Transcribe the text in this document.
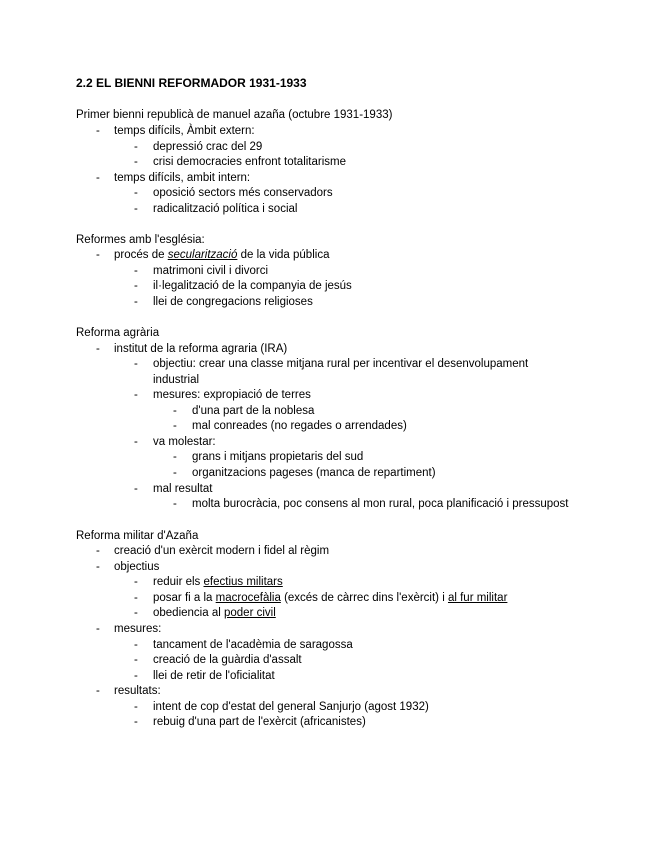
2.2 EL BIENNI REFORMADOR 1931-1933
Primer bienni republicà de manuel azaña (octubre 1931-1933)
- temps difícils, Àmbit extern:
- depressió crac del 29
- crisi democracies enfront totalitarisme
- temps difícils, ambit intern:
- oposició sectors més conservadors
- radicalització política i social
Reformes amb l'església:
- procés de secularització de la vida pública
- matrimoni civil i divorci
- il·legalització de la companyia de jesús
- llei de congregacions religioses
Reforma agrària
- institut de la reforma agraria (IRA)
- objectiu: crear una classe mitjana rural per incentivar el desenvolupament
industrial
- mesures: expropiació de terres
- d'una part de la noblesa
- mal conreades (no regades o arrendades)
- va molestar:
- grans i mitjans propietaris del sud
- organitzacions pageses (manca de repartiment)
- mal resultat
- molta burocràcia, poc consens al mon rural, poca planificació i pressupost
Reforma militar d'Azaña
- creació d'un exèrcit modern i fidel al règim
- objectius
- reduir els efectius militars
- posar fi a la macrocefàlia (excés de càrrec dins l'exèrcit) i al fur militar
- obediencia al poder civil
- mesures:
- tancament de l'acadèmia de saragossa
- creació de la guàrdia d'assalt
- llei de retir de l'oficialitat
- resultats:
- intent de cop d'estat del general Sanjurjo (agost 1932)
- rebuig d'una part de l'exèrcit (africanistes)
